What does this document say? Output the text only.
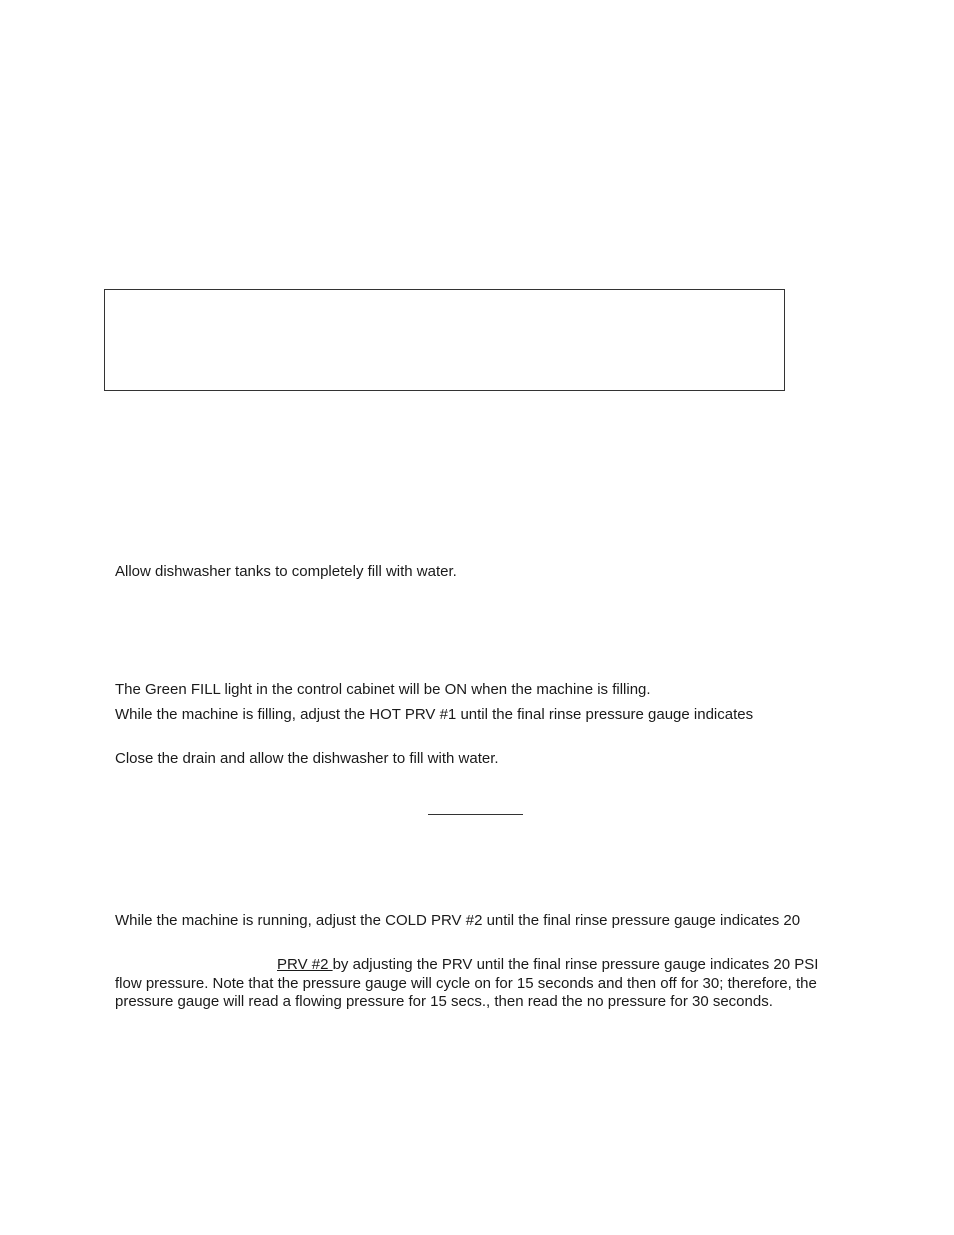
Allow dishwasher tanks to completely fill with water.
The Green FILL light in the control cabinet will be ON when the machine is filling.
While the machine is filling, adjust the HOT PRV #1 until the final rinse pressure gauge indicates
Close the drain and allow the dishwasher to fill with water.
While the machine is running, adjust the COLD PRV #2 until the final rinse pressure gauge indicates 20
PRV #2 by adjusting the PRV until the final rinse pressure gauge indicates 20 PSI
flow pressure. Note that the pressure gauge will cycle on for 15 seconds and then off for 30; therefore, the
pressure gauge will read a flowing pressure for 15 secs., then read the no pressure for 30 seconds.
